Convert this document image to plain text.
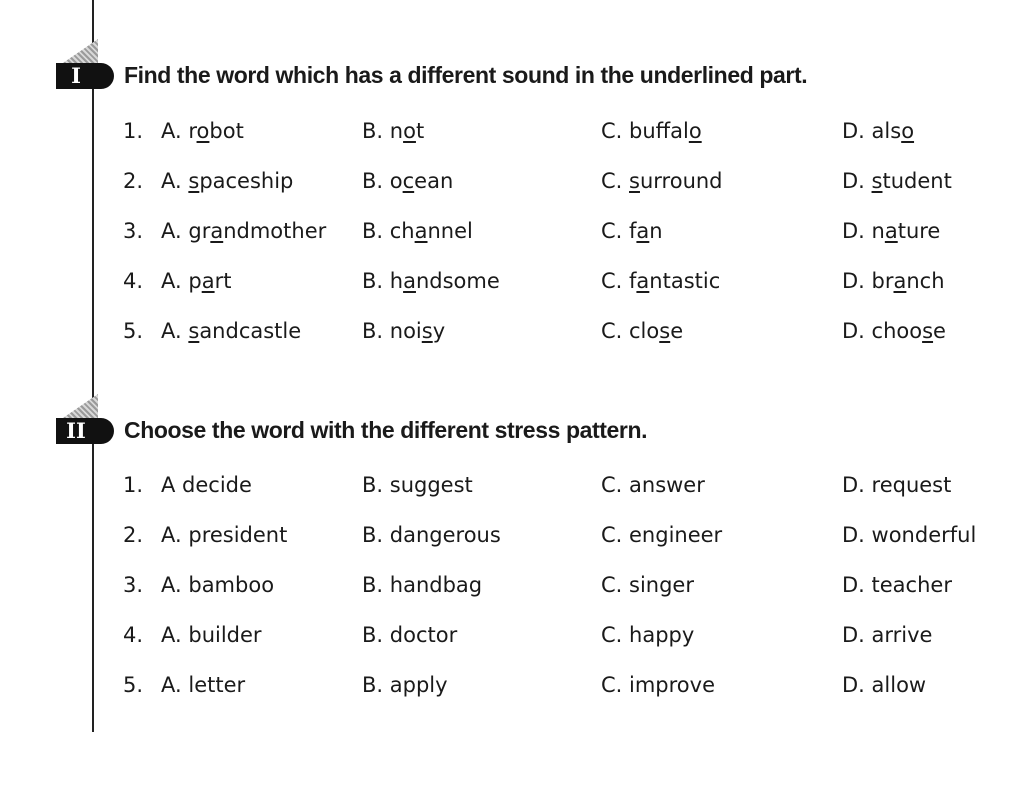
I	Find the word which has a different sound in the underlined part.
1. A. robot	B. not	C. buffalo	D. also
2. A. spaceship	B. ocean	C. surround	D. student
3. A. grandmother B. channel	C. fan	D. nature
4. A. part	B. handsome	C. fantastic	D. branch
5. A. sandcastle	B. noisy	C. close	D. choose
II	Choose the word with the different stress pattern.
1. A decide	B. suggest	C. answer	D. request
2. A. president	B. dangerous	C. engineer	D. wonderful
3. A. bamboo	B. handbag	C. singer	D. teacher
4. A. builder	B. doctor	C. happy	D. arrive
5. A. letter	B. apply	C. improve	D. allow
